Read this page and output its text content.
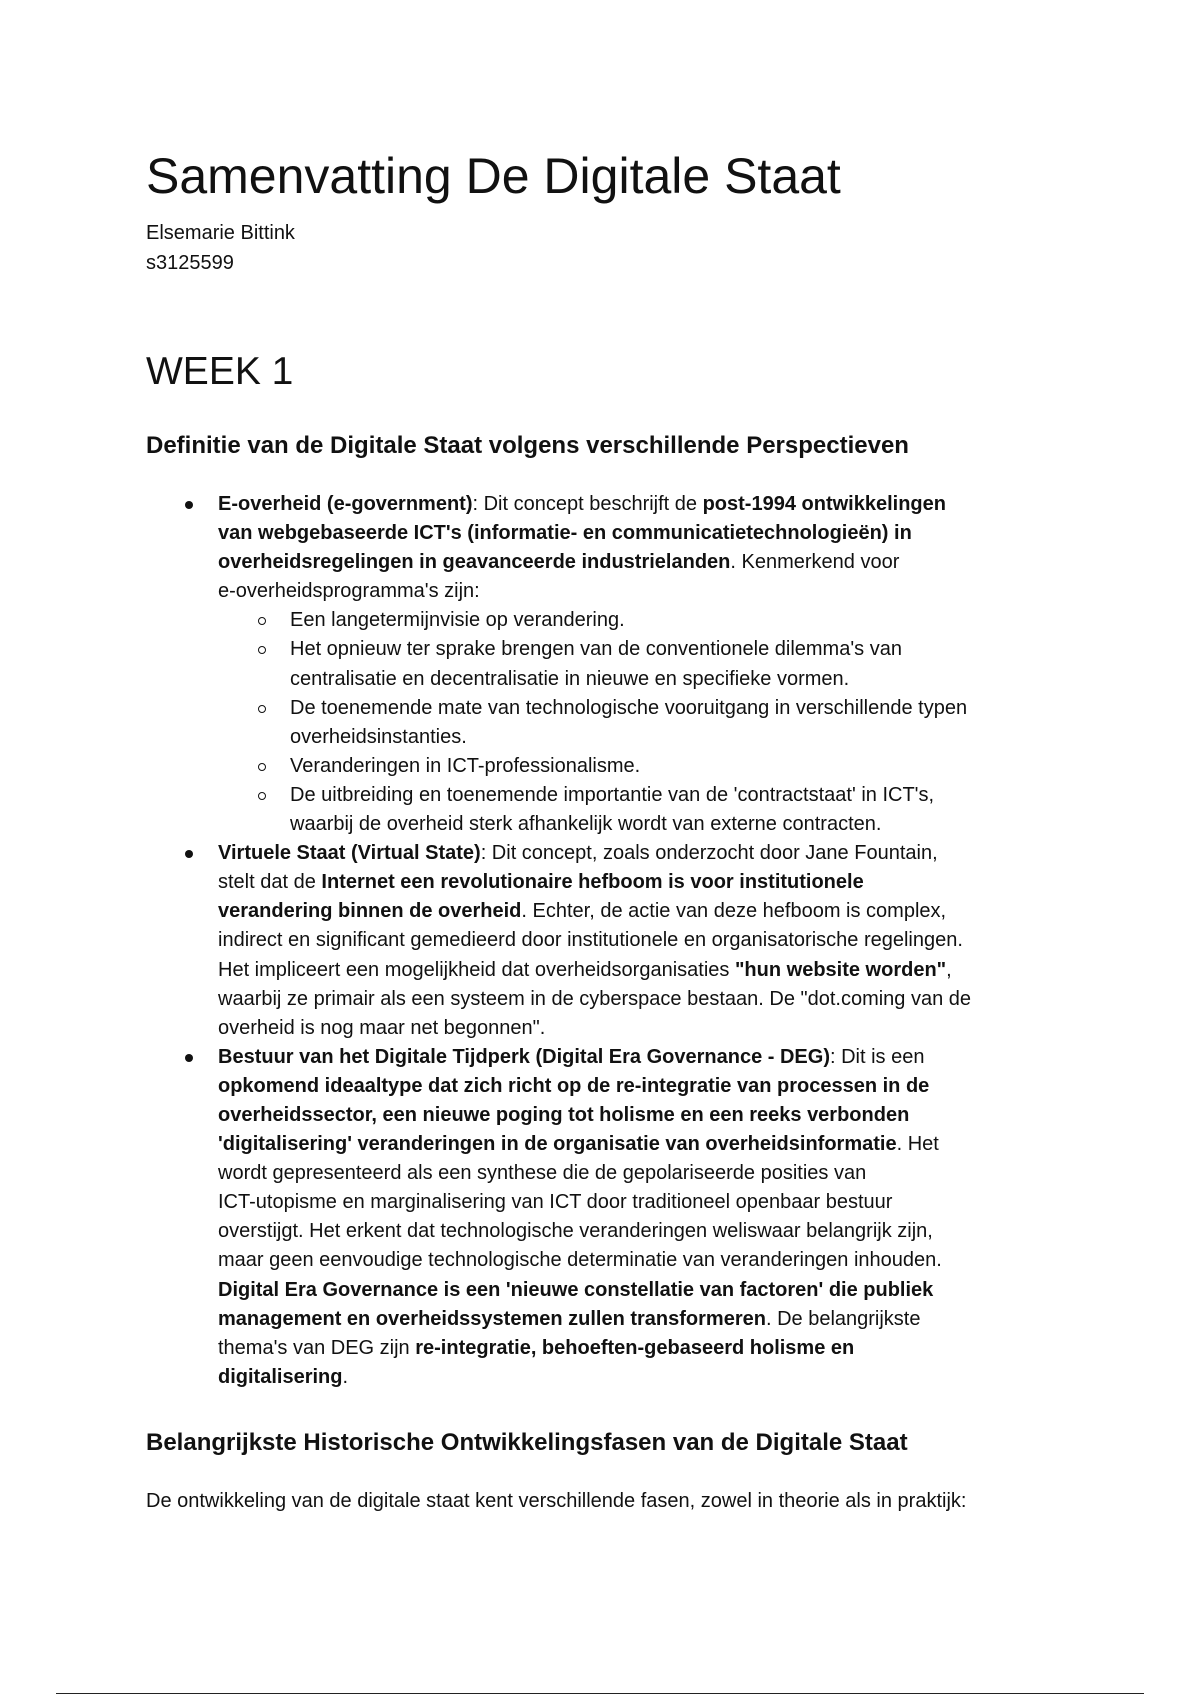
Samenvatting De Digitale Staat
Elsemarie Bittink
s3125599
WEEK 1
Definitie van de Digitale Staat volgens verschillende Perspectieven
E-overheid (e-government): Dit concept beschrijft de post-1994 ontwikkelingen
van webgebaseerde ICT's (informatie- en communicatietechnologieën) in
overheidsregelingen in geavanceerde industrielanden. Kenmerkend voor
e-overheidsprogramma's zijn:
Een langetermijnvisie op verandering.
Het opnieuw ter sprake brengen van de conventionele dilemma's van
centralisatie en decentralisatie in nieuwe en specifieke vormen.
De toenemende mate van technologische vooruitgang in verschillende typen
overheidsinstanties.
Veranderingen in ICT-professionalisme.
De uitbreiding en toenemende importantie van de 'contractstaat' in ICT's,
waarbij de overheid sterk afhankelijk wordt van externe contracten.
Virtuele Staat (Virtual State): Dit concept, zoals onderzocht door Jane Fountain,
stelt dat de Internet een revolutionaire hefboom is voor institutionele
verandering binnen de overheid. Echter, de actie van deze hefboom is complex,
indirect en significant gemedieerd door institutionele en organisatorische regelingen.
Het impliceert een mogelijkheid dat overheidsorganisaties "hun website worden",
waarbij ze primair als een systeem in de cyberspace bestaan. De "dot.coming van de
overheid is nog maar net begonnen".
Bestuur van het Digitale Tijdperk (Digital Era Governance - DEG): Dit is een
opkomend ideaaltype dat zich richt op de re-integratie van processen in de
overheidssector, een nieuwe poging tot holisme en een reeks verbonden
'digitalisering' veranderingen in de organisatie van overheidsinformatie. Het
wordt gepresenteerd als een synthese die de gepolariseerde posities van
ICT-utopisme en marginalisering van ICT door traditioneel openbaar bestuur
overstijgt. Het erkent dat technologische veranderingen weliswaar belangrijk zijn,
maar geen eenvoudige technologische determinatie van veranderingen inhouden.
Digital Era Governance is een 'nieuwe constellatie van factoren' die publiek
management en overheidssystemen zullen transformeren. De belangrijkste
thema's van DEG zijn re-integratie, behoeften-gebaseerd holisme en
digitalisering.
Belangrijkste Historische Ontwikkelingsfasen van de Digitale Staat
De ontwikkeling van de digitale staat kent verschillende fasen, zowel in theorie als in praktijk:
